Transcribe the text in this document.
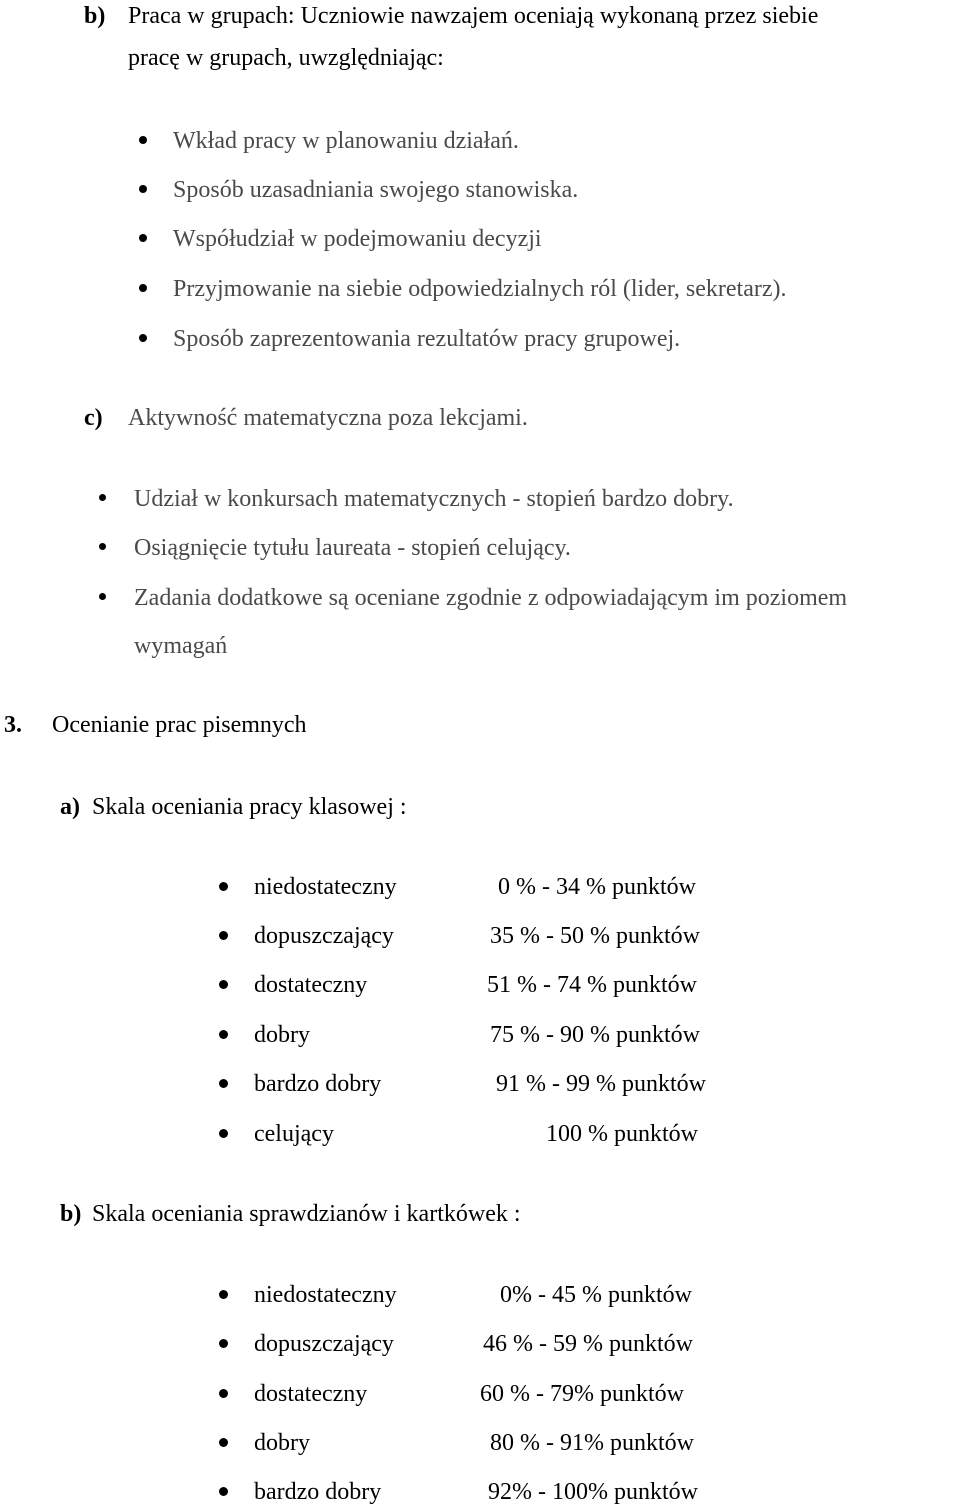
b) Praca w grupach: Uczniowie nawzajem oceniają wykonaną przez siebie
pracę w grupach, uwzględniając:
Wkład pracy w planowaniu działań.
Sposób uzasadniania swojego stanowiska.
Współudział w podejmowaniu decyzji
Przyjmowanie na siebie odpowiedzialnych ról (lider, sekretarz).
Sposób zaprezentowania rezultatów pracy grupowej.
c) Aktywność matematyczna poza lekcjami.
Udział w konkursach matematycznych - stopień bardzo dobry.
Osiągnięcie tytułu laureata - stopień celujący.
Zadania dodatkowe są oceniane zgodnie z odpowiadającym im poziomem
wymagań
3. Ocenianie prac pisemnych
a) Skala oceniania pracy klasowej :
niedostateczny	0 % - 34 % punktów
dopuszczający	35 % - 50 % punktów
dostateczny	51 % - 74 % punktów
dobry	75 % - 90 % punktów
bardzo dobry	91 % - 99 % punktów
celujący	100 % punktów
b) Skala oceniania sprawdzianów i kartkówek :
niedostateczny	0% - 45 % punktów
dopuszczający	46 % - 59 % punktów
dostateczny	60 % - 79% punktów
dobry	80 % - 91% punktów
bardzo dobry	92% - 100% punktów
